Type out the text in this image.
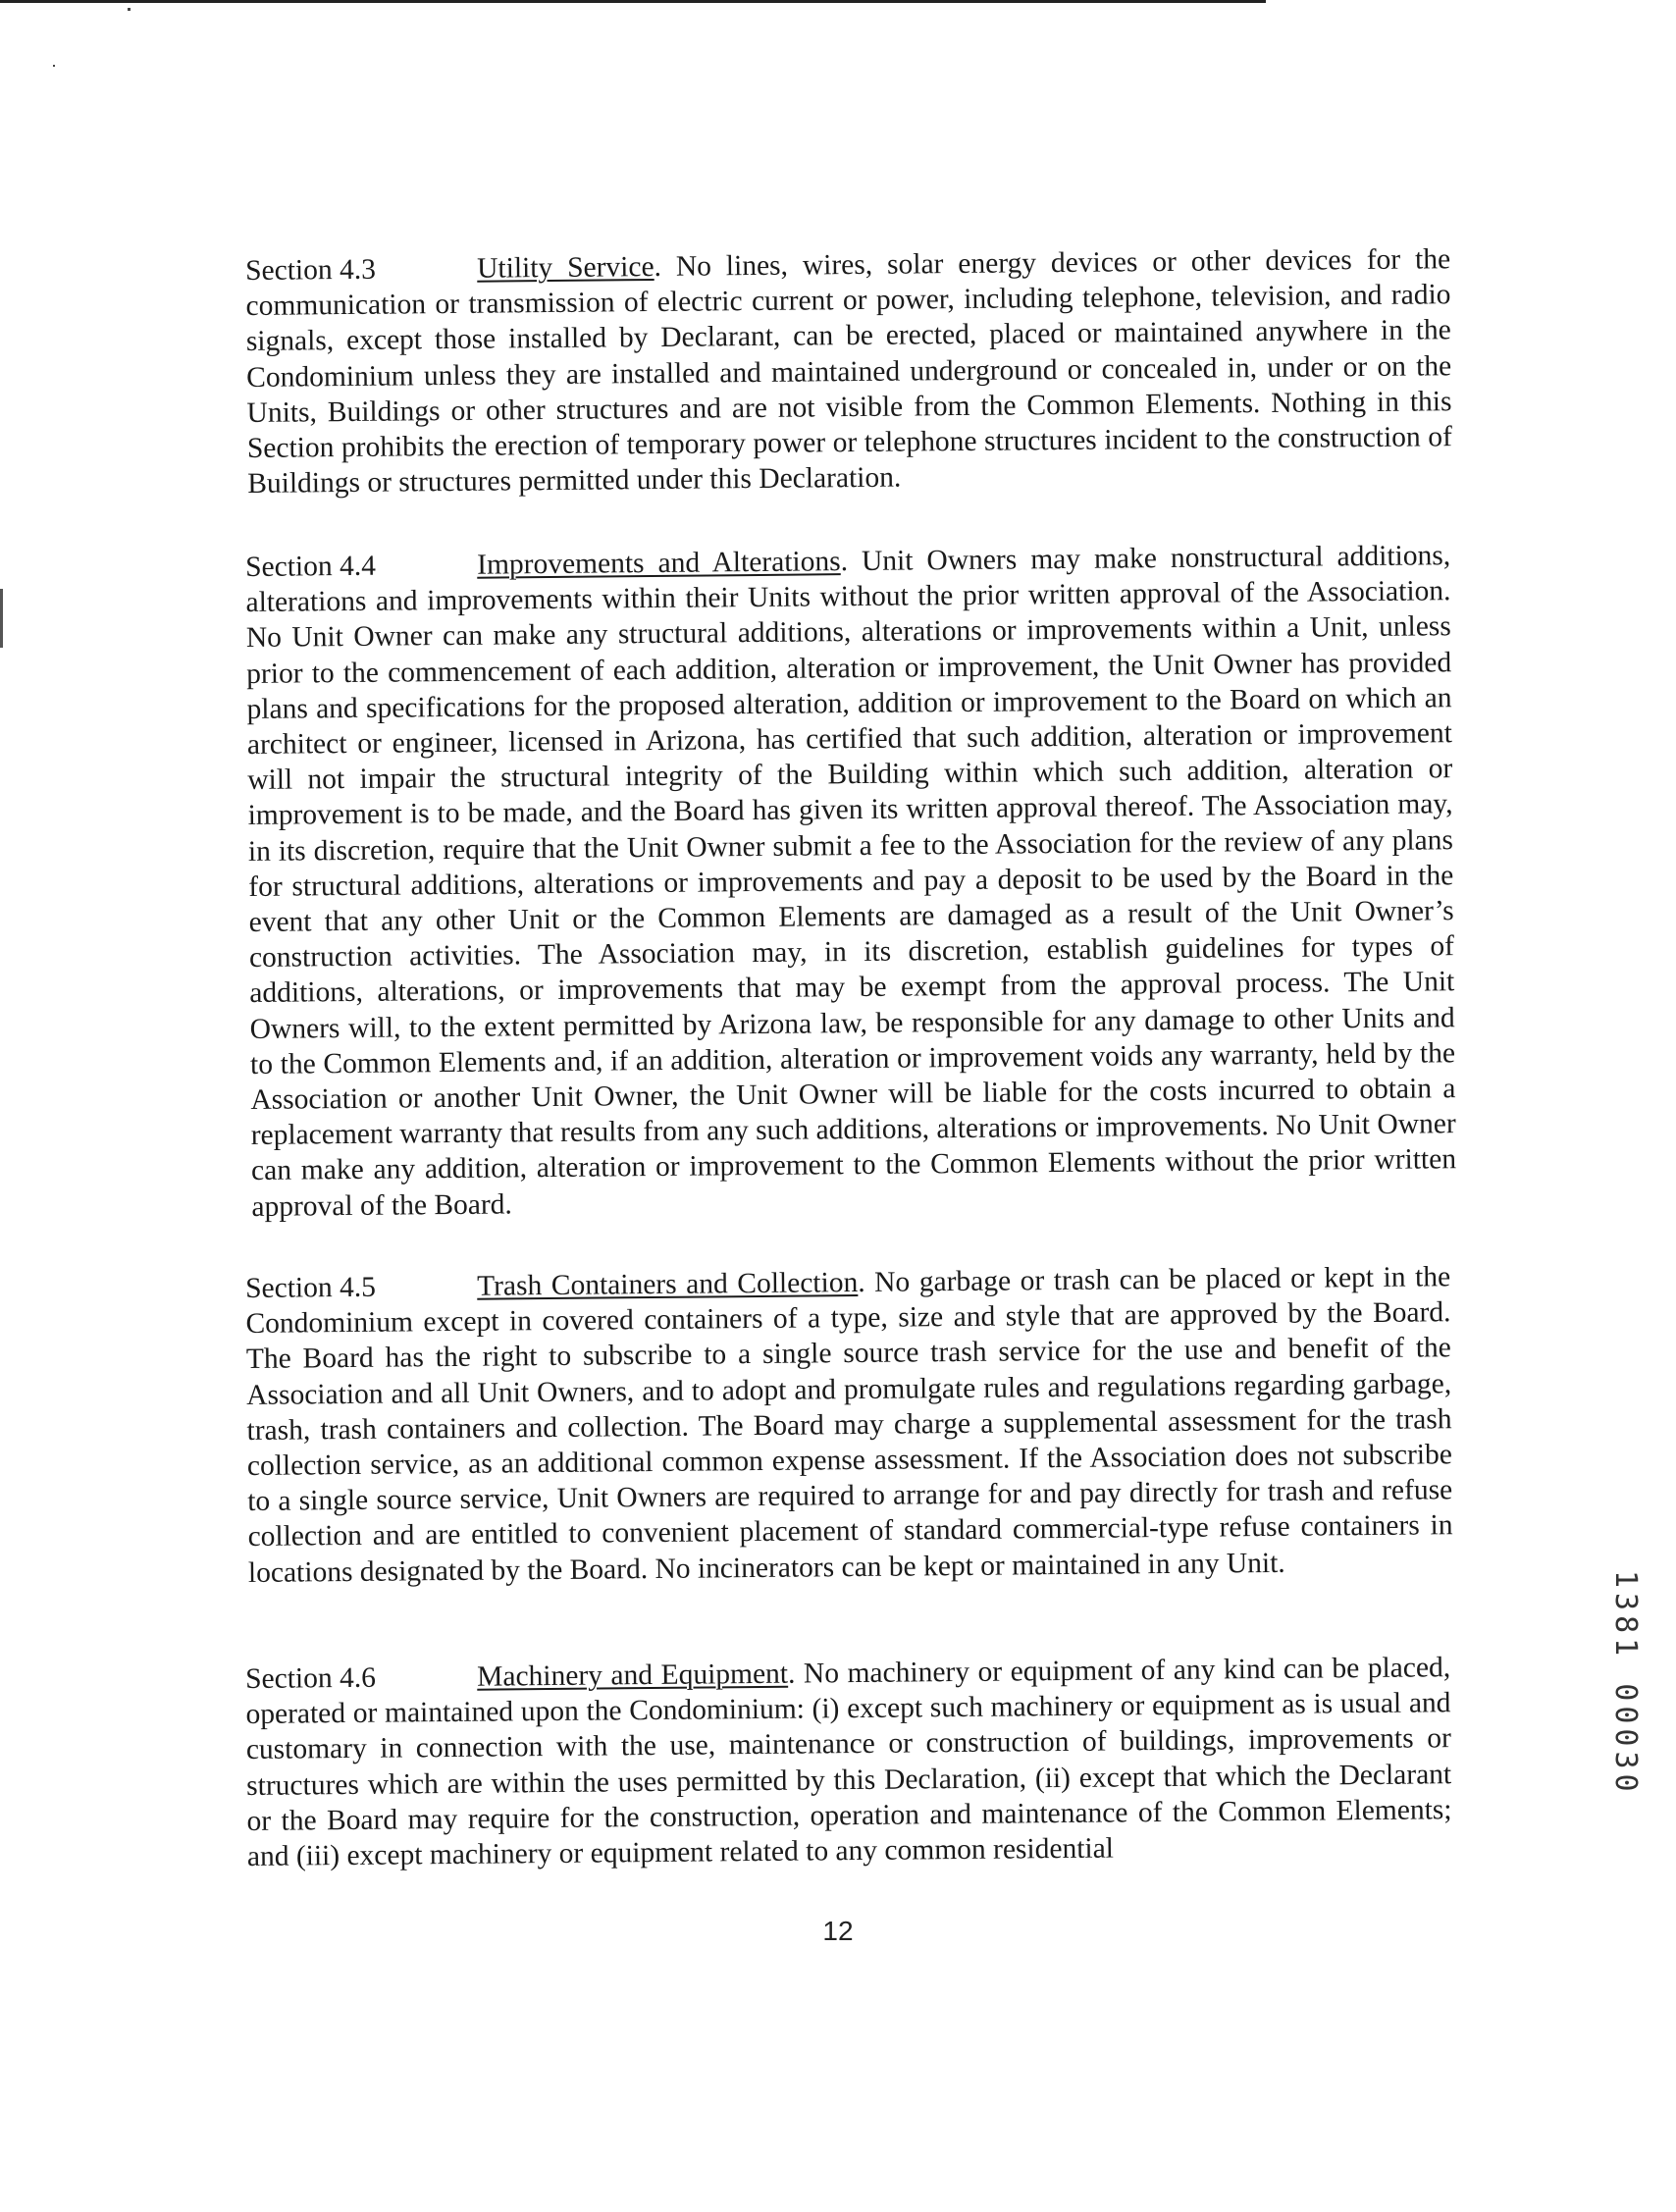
Section 4.3	Utility Service. No lines, wires, solar energy devices or other devices for the communication or transmission of electric current or power, including telephone, television, and radio signals, except those installed by Declarant, can be erected, placed or maintained anywhere in the Condominium unless they are installed and maintained underground or concealed in, under or on the Units, Buildings or other structures and are not visible from the Common Elements. Nothing in this Section prohibits the erection of temporary power or telephone structures incident to the construction of Buildings or structures permitted under this Declaration.
Section 4.4	Improvements and Alterations. Unit Owners may make nonstructural additions, alterations and improvements within their Units without the prior written approval of the Association. No Unit Owner can make any structural additions, alterations or improvements within a Unit, unless prior to the commencement of each addition, alteration or improvement, the Unit Owner has provided plans and specifications for the proposed alteration, addition or improvement to the Board on which an architect or engineer, licensed in Arizona, has certified that such addition, alteration or improvement will not impair the structural integrity of the Building within which such addition, alteration or improvement is to be made, and the Board has given its written approval thereof. The Association may, in its discretion, require that the Unit Owner submit a fee to the Association for the review of any plans for structural additions, alterations or improvements and pay a deposit to be used by the Board in the event that any other Unit or the Common Elements are damaged as a result of the Unit Owner’s construction activities. The Association may, in its discretion, establish guidelines for types of additions, alterations, or improvements that may be exempt from the approval process. The Unit Owners will, to the extent permitted by Arizona law, be responsible for any damage to other Units and to the Common Elements and, if an addition, alteration or improvement voids any warranty, held by the Association or another Unit Owner, the Unit Owner will be liable for the costs incurred to obtain a replacement warranty that results from any such additions, alterations or improvements. No Unit Owner can make any addition, alteration or improvement to the Common Elements without the prior written approval of the Board.
Section 4.5	Trash Containers and Collection. No garbage or trash can be placed or kept in the Condominium except in covered containers of a type, size and style that are approved by the Board. The Board has the right to subscribe to a single source trash service for the use and benefit of the Association and all Unit Owners, and to adopt and promulgate rules and regulations regarding garbage, trash, trash containers and collection. The Board may charge a supplemental assessment for the trash collection service, as an additional common expense assessment. If the Association does not subscribe to a single source service, Unit Owners are required to arrange for and pay directly for trash and refuse collection and are entitled to convenient placement of standard commercial-type refuse containers in locations designated by the Board. No incinerators can be kept or maintained in any Unit.
Section 4.6	Machinery and Equipment. No machinery or equipment of any kind can be placed, operated or maintained upon the Condominium: (i) except such machinery or equipment as is usual and customary in connection with the use, maintenance or construction of buildings, improvements or structures which are within the uses permitted by this Declaration, (ii) except that which the Declarant or the Board may require for the construction, operation and maintenance of the Common Elements; and (iii) except machinery or equipment related to any common residential
12
1381 00030
